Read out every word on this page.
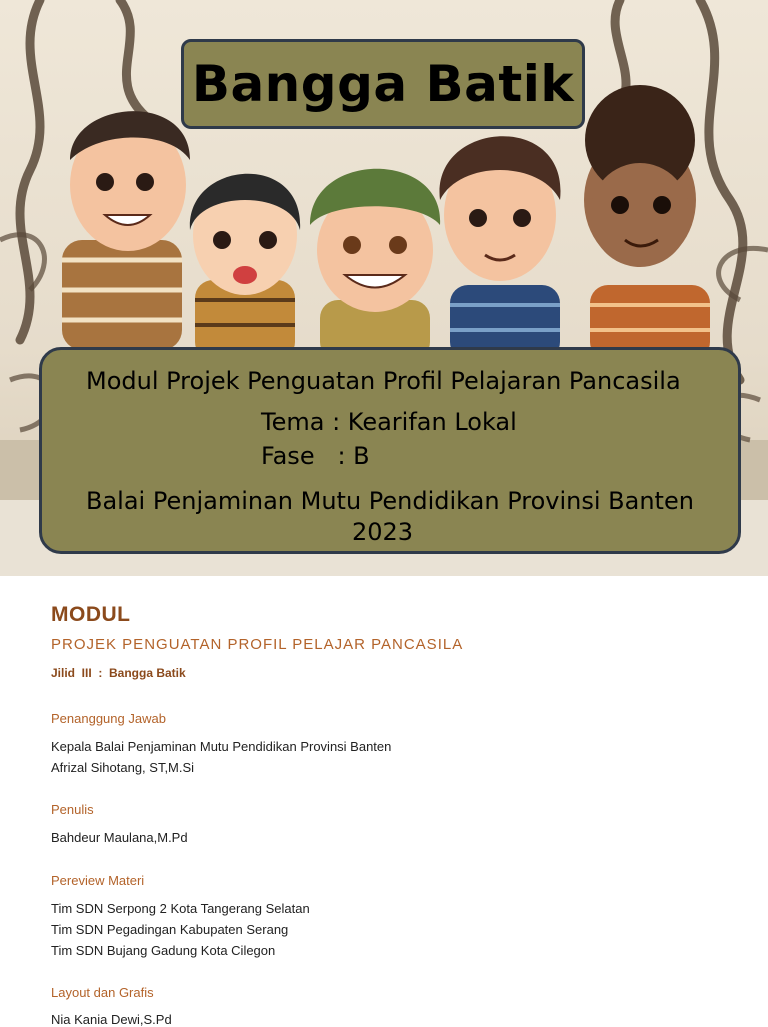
Bangga Batik
Modul Projek Penguatan Profil Pelajaran Pancasila
Tema : Kearifan Lokal
Fase   : B
Balai Penjaminan Mutu Pendidikan Provinsi Banten
2023
MODUL
PROJEK PENGUATAN PROFIL PELAJAR PANCASILA
Jilid  III  :  Bangga Batik
Penanggung Jawab
Kepala Balai Penjaminan Mutu Pendidikan Provinsi Banten
Afrizal Sihotang, ST,M.Si
Penulis
Bahdeur Maulana,M.Pd
Pereview Materi
Tim SDN Serpong 2 Kota Tangerang Selatan
Tim SDN Pegadingan Kabupaten Serang
Tim SDN Bujang Gadung Kota Cilegon
Layout dan Grafis
Nia Kania Dewi,S.Pd
